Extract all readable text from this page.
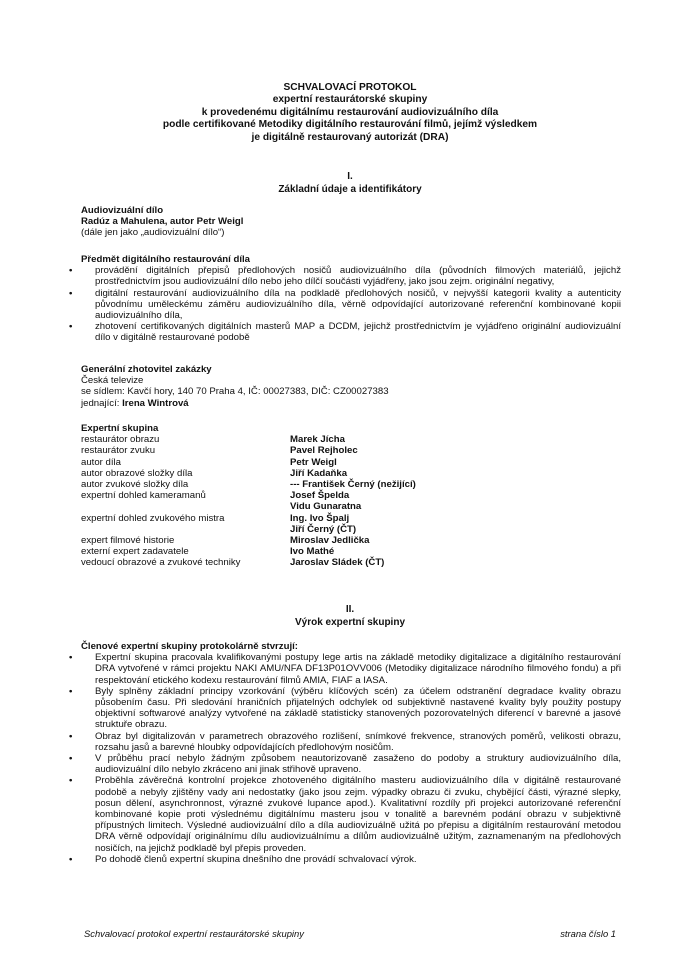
SCHVALOVACÍ PROTOKOL
expertní restaurátorské skupiny
k provedenému digitálnímu restaurování audiovizuálního díla
podle certifikované Metodiky digitálního restaurování filmů, jejímž výsledkem
je digitálně restaurovaný autorizát (DRA)
I.
Základní údaje a identifikátory
Audiovizuální dílo
Radúz a Mahulena, autor Petr Weigl
(dále jen jako „audiovizuální dílo“)
Předmět digitálního restaurování díla
• provádění digitálních přepisů předlohových nosičů audiovizuálního díla (původních filmových materiálů, jejichž prostřednictvím jsou audiovizuální dílo nebo jeho dílčí součásti vyjádřeny, jako jsou zejm. originální negativy,
• digitální restaurování audiovizuálního díla na podkladě předlohových nosičů, v nejvyšší kategorii kvality a autenticity původnímu uměleckému záměru audiovizuálního díla, věrně odpovídající autorizované referenční kombinované kopii audiovizuálního díla,
• zhotovení certifikovaných digitálních masterů MAP a DCDM, jejichž prostřednictvím je vyjádřeno originální audiovizuální dílo v digitálně restaurované podobě
Generální zhotovitel zakázky
Česká televize
se sídlem: Kavčí hory, 140 70 Praha 4, IČ: 00027383, DIČ: CZ00027383
jednající: Irena Wintrová
Expertní skupina
restaurátor obrazu	Marek Jícha
restaurátor zvuku	Pavel Rejholec
autor díla	Petr Weigl
autor obrazové složky díla	Jiří Kadaňka
autor zvukové složky díla	--- František Černý (nežijící)
expertní dohled kameramanů	Josef Špelda
Vidu Gunaratna
expertní dohled zvukového mistra	Ing. Ivo Špalj
Jiří Černý (ČT)
expert filmové historie	Miroslav Jedlička
externí expert zadavatele	Ivo Mathé
vedoucí obrazové a zvukové techniky	Jaroslav Sládek (ČT)
II.
Výrok expertní skupiny
Členové expertní skupiny protokolárně stvrzují:
• Expertní skupina pracovala kvalifikovanými postupy lege artis na základě metodiky digitalizace a digitálního restaurování DRA vytvořené v rámci projektu NAKI AMU/NFA DF13P01OVV006 (Metodiky digitalizace národního filmového fondu) a při respektování etického kodexu restaurování filmů AMIA, FIAF a IASA.
• Byly splněny základní principy vzorkování (výběru klíčových scén) za účelem odstranění degradace kvality obrazu působením času. Při sledování hraničních přijatelných odchylek od subjektivně nastavené kvality byly použity postupy objektivní softwarové analýzy vytvořené na základě statisticky stanovených pozorovatelných diferencí v barevné a jasové struktuře obrazu.
• Obraz byl digitalizován v parametrech obrazového rozlišení, snímkové frekvence, stranových poměrů, velikosti obrazu, rozsahu jasů a barevné hloubky odpovídajících předlohovým nosičům.
• V průběhu prací nebylo žádným způsobem neautorizovaně zasaženo do podoby a struktury audiovizuálního díla, audiovizuální dílo nebylo zkráceno ani jinak střihově upraveno.
• Proběhla závěrečná kontrolní projekce zhotoveného digitálního masteru audiovizuálního díla v digitálně restaurované podobě a nebyly zjištěny vady ani nedostatky (jako jsou zejm. výpadky obrazu či zvuku, chybějící části, výrazné slepky, posun dělení, asynchronnost, výrazné zvukové lupance apod.). Kvalitativní rozdíly při projekci autorizované referenční kombinované kopie proti výslednému digitálnímu masteru jsou v tonalitě a barevném podání obrazu v subjektivně přípustných limitech. Výsledné audiovizuální dílo a díla audiovizuálně užitá po přepisu a digitálním restaurování metodou DRA věrně odpovídají originálnímu dílu audiovizuálnímu a dílům audiovizuálně užitým, zaznamenaným na předlohových nosičích, na jejichž podkladě byl přepis proveden.
• Po dohodě členů expertní skupina dnešního dne provádí schvalovací výrok.
Schvalovací protokol expertní restaurátorské skupiny	strana číslo 1
